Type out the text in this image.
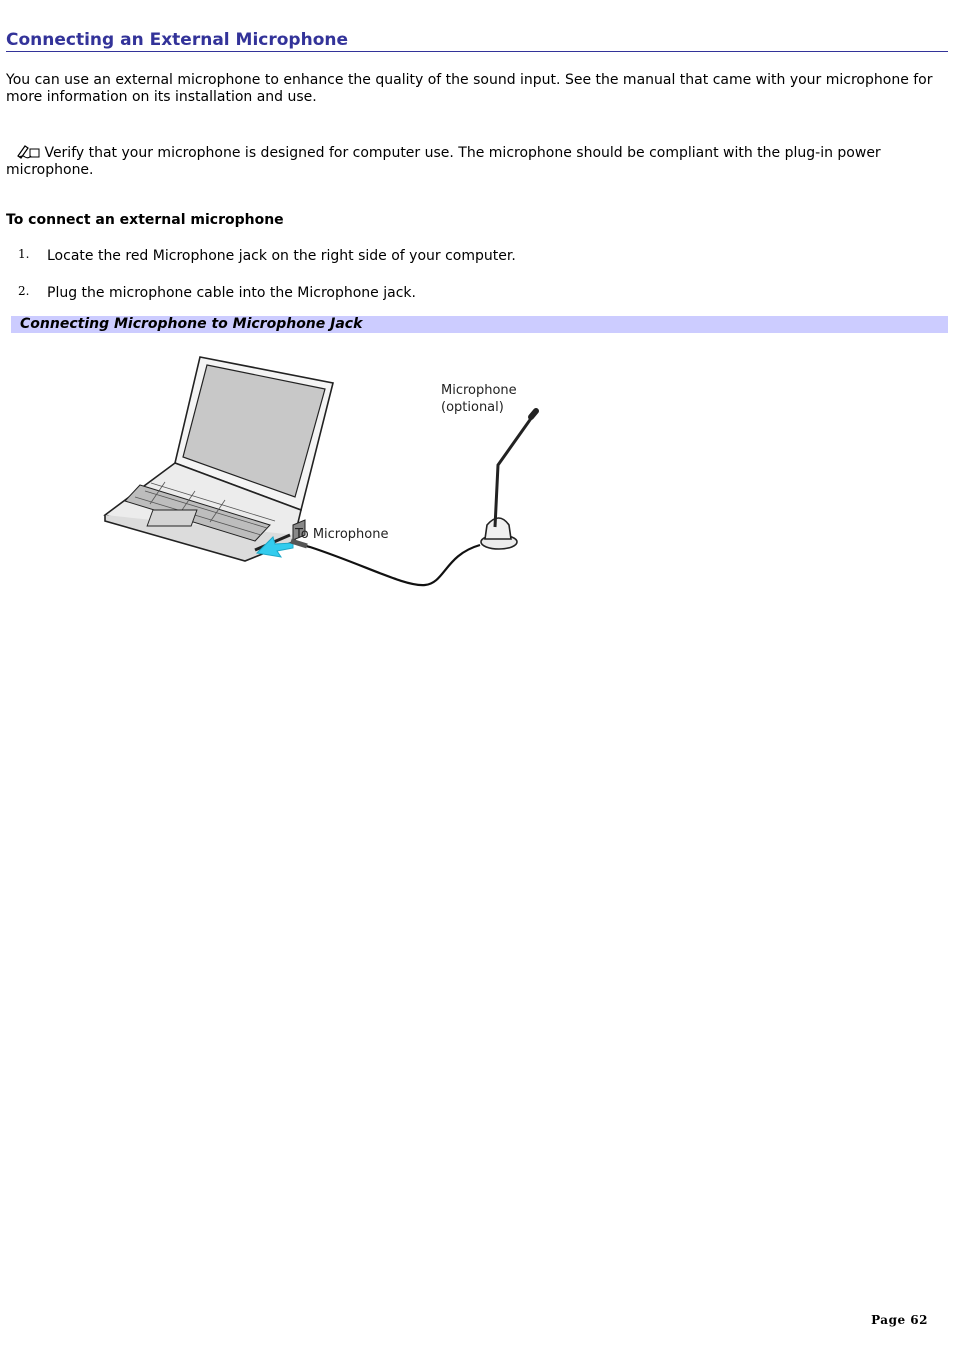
Connecting an External Microphone

You can use an external microphone to enhance the quality of the sound input. See the manual that came with your microphone for more information on its installation and use.

Verify that your microphone is designed for computer use. The microphone should be compliant with the plug-in power microphone.

To connect an external microphone
1. Locate the red Microphone jack on the right side of your computer.
2. Plug the microphone cable into the Microphone jack.
Connecting Microphone to Microphone Jack
Microphone
(optional)
To Microphone
Page 62
